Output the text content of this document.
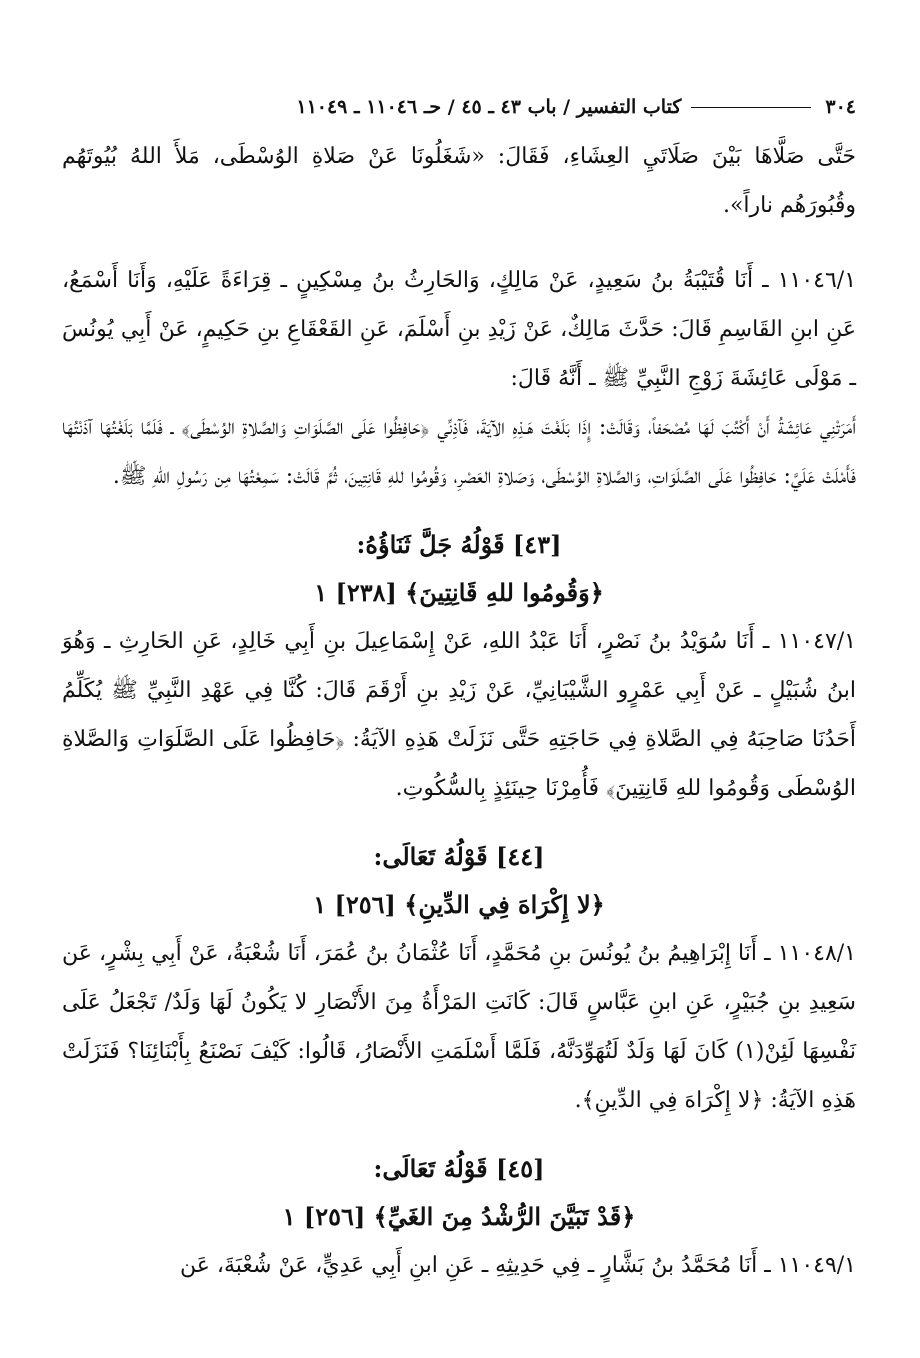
٣٠٤
كتاب التفسير / باب ٤٣ ـ ٤٥ / حـ ١١٠٤٦ ـ ١١٠٤٩

حَتَّى صَلَّاهَا بَيْنَ صَلَاتَيِ العِشَاءِ، فَقَالَ: «شَغَلُونَا عَنْ صَلاةِ الوُسْطَى، مَلأَ اللهُ بُيُوتَهُم وقُبُورَهُم ناراً».

١١٠٤٦/١ ـ أَنَا قُتَيْبَةُ بنُ سَعِيدٍ، عَنْ مَالِكٍ، وَالحَارِثُ بنُ مِسْكِينٍ ـ قِرَاءَةً عَلَيْهِ، وَأَنَا أَسْمَعُ، عَنِ ابنِ القَاسِمِ قَالَ: حَدَّثَ مَالِكٌ، عَنْ زَيْدِ بنِ أَسْلَمَ، عَنِ القَعْقَاعِ بنِ حَكِيمٍ، عَنْ أَبِي يُونُسَ ـ مَوْلَى عَائِشَةَ زَوْجِ النَّبِيِّ ﷺ ـ أَنَّهُ قَالَ:

أَمَرَتْنِي عَائِشَةُ أَنْ أَكْتُبَ لَهَا مُصْحَفاً، وَقَالَتْ: إِذَا بَلَغْتَ هَـذِهِ الآيَةَ، فَآذِنِّي ﴿حَافِظُوا عَلَى الصَّلَوَاتِ وَالصَّلاةِ الوُسْطَى﴾ ـ فَلَمَّا بَلَغْتُهَا آذَنْتُهَا فَأَمْلَتْ عَلَيَّ: حَافِظُوا عَلَى الصَّلَوَاتِ، وَالصَّلاةِ الوُسْطَى، وَصَلاةِ العَصْرِ، وَقُومُوا للهِ قَانِتِينَ، ثُمَّ قَالَتْ: سَمِعْتُهَا مِن رَسُولِ اللهِ ﷺ.

[٤٣] قَوْلُهُ جَلَّ ثَنَاؤُهُ:
﴿وَقُومُوا للهِ قَانِتِينَ﴾ [٢٣٨] ١

١١٠٤٧/١ ـ أَنَا سُوَيْدُ بنُ نَصْرٍ، أَنَا عَبْدُ اللهِ، عَنْ إِسْمَاعِيلَ بنِ أَبِي خَالِدٍ، عَنِ الحَارِثِ ـ وَهُوَ ابنُ شُبَيْلٍ ـ عَنْ أَبِي عَمْرٍو الشَّيْبَانِيِّ، عَنْ زَيْدِ بنِ أَرْقَمَ قَالَ: كُنَّا فِي عَهْدِ النَّبِيِّ ﷺ يُكَلِّمُ أَحَدُنَا صَاحِبَهُ فِي الصَّلاةِ فِي حَاجَتِهِ حَتَّى نَزَلَتْ هَذِهِ الآيَةُ: ﴿حَافِظُوا عَلَى الصَّلَوَاتِ وَالصَّلاةِ الوُسْطَى وَقُومُوا للهِ قَانِتِينَ﴾ فَأُمِرْنَا حِينَئِذٍ بِالسُّكُوتِ.

[٤٤] قَوْلُهُ تَعَالَى:
﴿لا إِكْرَاهَ فِي الدِّينِ﴾ [٢٥٦] ١

١١٠٤٨/١ ـ أَنَا إِبْرَاهِيمُ بنُ يُونُسَ بنِ مُحَمَّدٍ، أَنَا عُثْمَانُ بنُ عُمَرَ، أَنَا شُعْبَةُ، عَنْ أَبِي بِشْرٍ، عَن سَعِيدِ بنِ جُبَيْرٍ، عَنِ ابنِ عَبَّاسٍ قَالَ: كَانَتِ المَرْأَةُ مِنَ الأَنْصَارِ لا يَكُونُ لَهَا وَلَدٌ/ تَجْعَلُ عَلَى نَفْسِهَا لَئِنْ(١) كَانَ لَهَا وَلَدٌ لَتُهَوِّدَنَّهُ، فَلَمَّا أَسْلَمَتِ الأَنْصَارُ، قَالُوا: كَيْفَ نَصْنَعُ بِأَبْنَائِنَا؟ فَنَزَلَتْ هَذِهِ الآيَةُ: ﴿لا إِكْرَاهَ فِي الدِّينِ﴾.

[٤٥] قَوْلُهُ تَعَالَى:
﴿قَدْ تَبَيَّنَ الرُّشْدُ مِنَ الغَيِّ﴾ [٢٥٦] ١

١١٠٤٩/١ ـ أَنَا مُحَمَّدُ بنُ بَشَّارٍ ـ فِي حَدِيثِهِ ـ عَنِ ابنِ أَبِي عَدِيٍّ، عَنْ شُعْبَةَ، عَن
